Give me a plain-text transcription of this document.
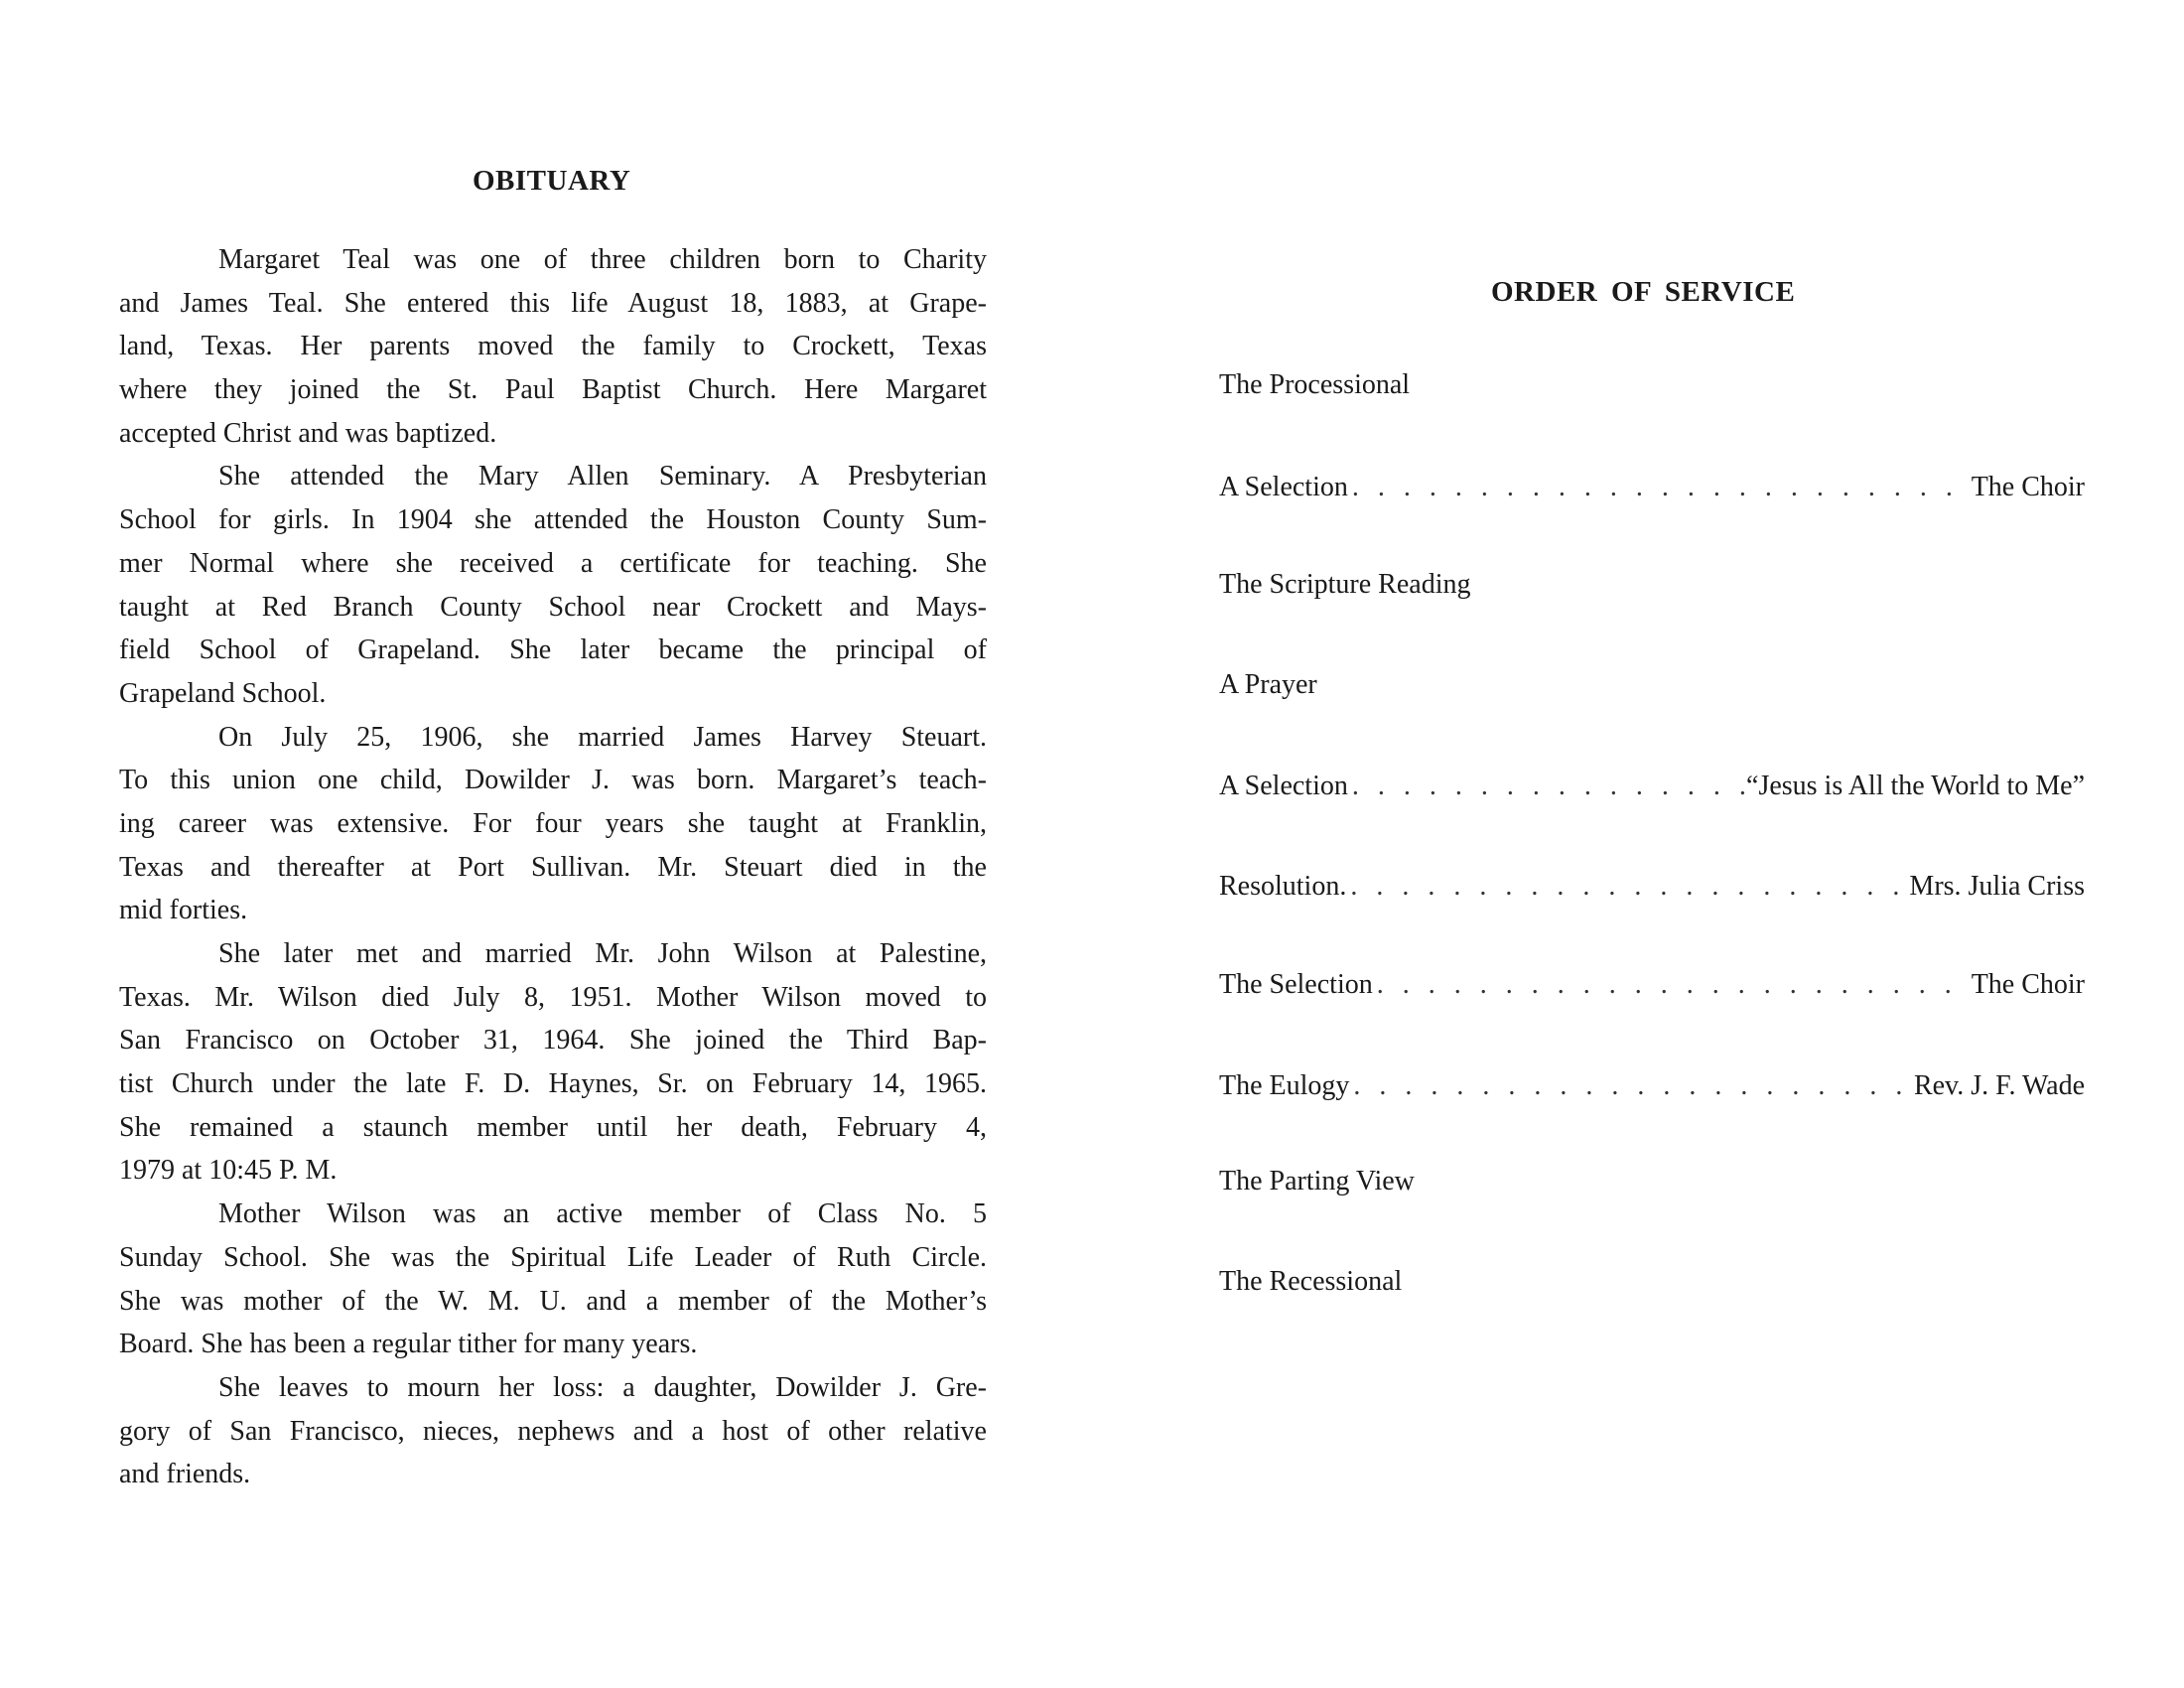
OBITUARY
Margaret Teal was one of three children born to Charity
and James Teal. She entered this life August 18, 1883, at Grape-
land, Texas. Her parents moved the family to Crockett, Texas
where they joined the St. Paul Baptist Church. Here Margaret
accepted Christ and was baptized.
She attended the Mary Allen Seminary. A Presbyterian
School for girls. In 1904 she attended the Houston County Sum-
mer Normal where she received a certificate for teaching. She
taught at Red Branch County School near Crockett and Mays-
field School of Grapeland. She later became the principal of
Grapeland School.
On July 25, 1906, she married James Harvey Steuart.
To this union one child, Dowilder J. was born. Margaret’s teach-
ing career was extensive. For four years she taught at Franklin,
Texas and thereafter at Port Sullivan. Mr. Steuart died in the
mid forties.
She later met and married Mr. John Wilson at Palestine,
Texas. Mr. Wilson died July 8, 1951. Mother Wilson moved to
San Francisco on October 31, 1964. She joined the Third Bap-
tist Church under the late F. D. Haynes, Sr. on February 14, 1965.
She remained a staunch member until her death, February 4,
1979 at 10:45 P. M.
Mother Wilson was an active member of Class No. 5
Sunday School. She was the Spiritual Life Leader of Ruth Circle.
She was mother of the W. M. U. and a member of the Mother’s
Board. She has been a regular tither for many years.
She leaves to mourn her loss: a daughter, Dowilder J. Gre-
gory of San Francisco, nieces, nephews and a host of other relative
and friends.
ORDER OF SERVICE
The Processional
A Selection . . .	The Choir
The Scripture Reading
A Prayer
A Selection . . .	“Jesus is All the World to Me”
Resolution. . . .	Mrs. Julia Criss
The Selection . . .	The Choir
The Eulogy . . .	Rev. J. F. Wade
The Parting View
The Recessional
